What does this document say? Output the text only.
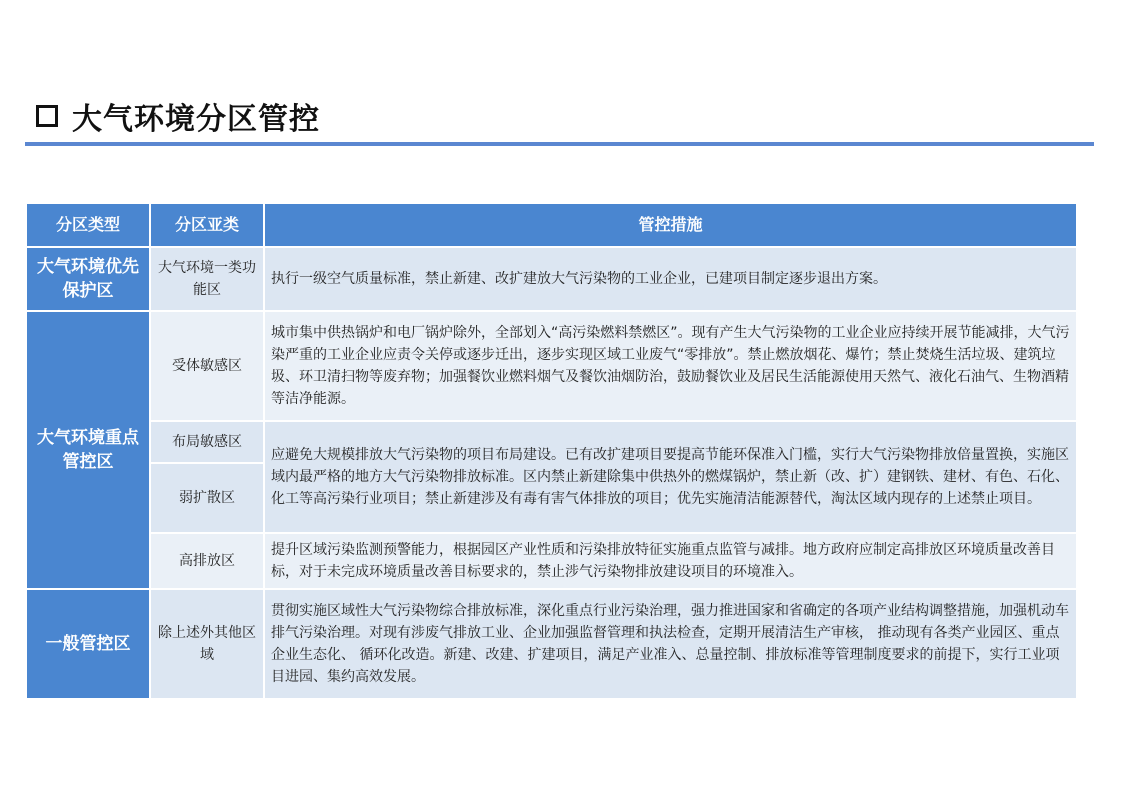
大气环境分区管控
分区类型	分区亚类	管控措施
大气环境优先保护区	大气环境一类功能区	执行一级空气质量标准，禁止新建、改扩建放大气污染物的工业企业，已建项目制定逐步退出方案。
大气环境重点管控区	受体敏感区	城市集中供热锅炉和电厂锅炉除外，全部划入“高污染燃料禁燃区”。现有产生大气污染物的工业企业应持续开展节能减排，大气污染严重的工业企业应责令关停或逐步迁出，逐步实现区域工业废气“零排放”。禁止燃放烟花、爆竹；禁止焚烧生活垃圾、建筑垃圾、环卫清扫物等废弃物；加强餐饮业燃料烟气及餐饮油烟防治，鼓励餐饮业及居民生活能源使用天然气、液化石油气、生物酒精等洁净能源。
	布局敏感区	应避免大规模排放大气污染物的项目布局建设。已有改扩建项目要提高节能环保准入门槛，实行大气污染物排放倍量置换，实施区域内最严格的地方大气污染物排放标准。区内禁止新建除集中供热外的燃煤锅炉，禁止新（改、扩）建钢铁、建材、有色、石化、化工等高污染行业项目；禁止新建涉及有毒有害气体排放的项目；优先实施清洁能源替代，淘汰区域内现存的上述禁止项目。
	弱扩散区	
	高排放区	提升区域污染监测预警能力，根据园区产业性质和污染排放特征实施重点监管与减排。地方政府应制定高排放区环境质量改善目标，对于未完成环境质量改善目标要求的，禁止涉气污染物排放建设项目的环境准入。
一般管控区	除上述外其他区域	贯彻实施区域性大气污染物综合排放标准，深化重点行业污染治理，强力推进国家和省确定的各项产业结构调整措施，加强机动车排气污染治理。对现有涉废气排放工业、企业加强监督管理和执法检查，定期开展清洁生产审核， 推动现有各类产业园区、重点企业生态化、 循环化改造。新建、改建、扩建项目，满足产业准入、总量控制、排放标准等管理制度要求的前提下，实行工业项目进园、集约高效发展。
